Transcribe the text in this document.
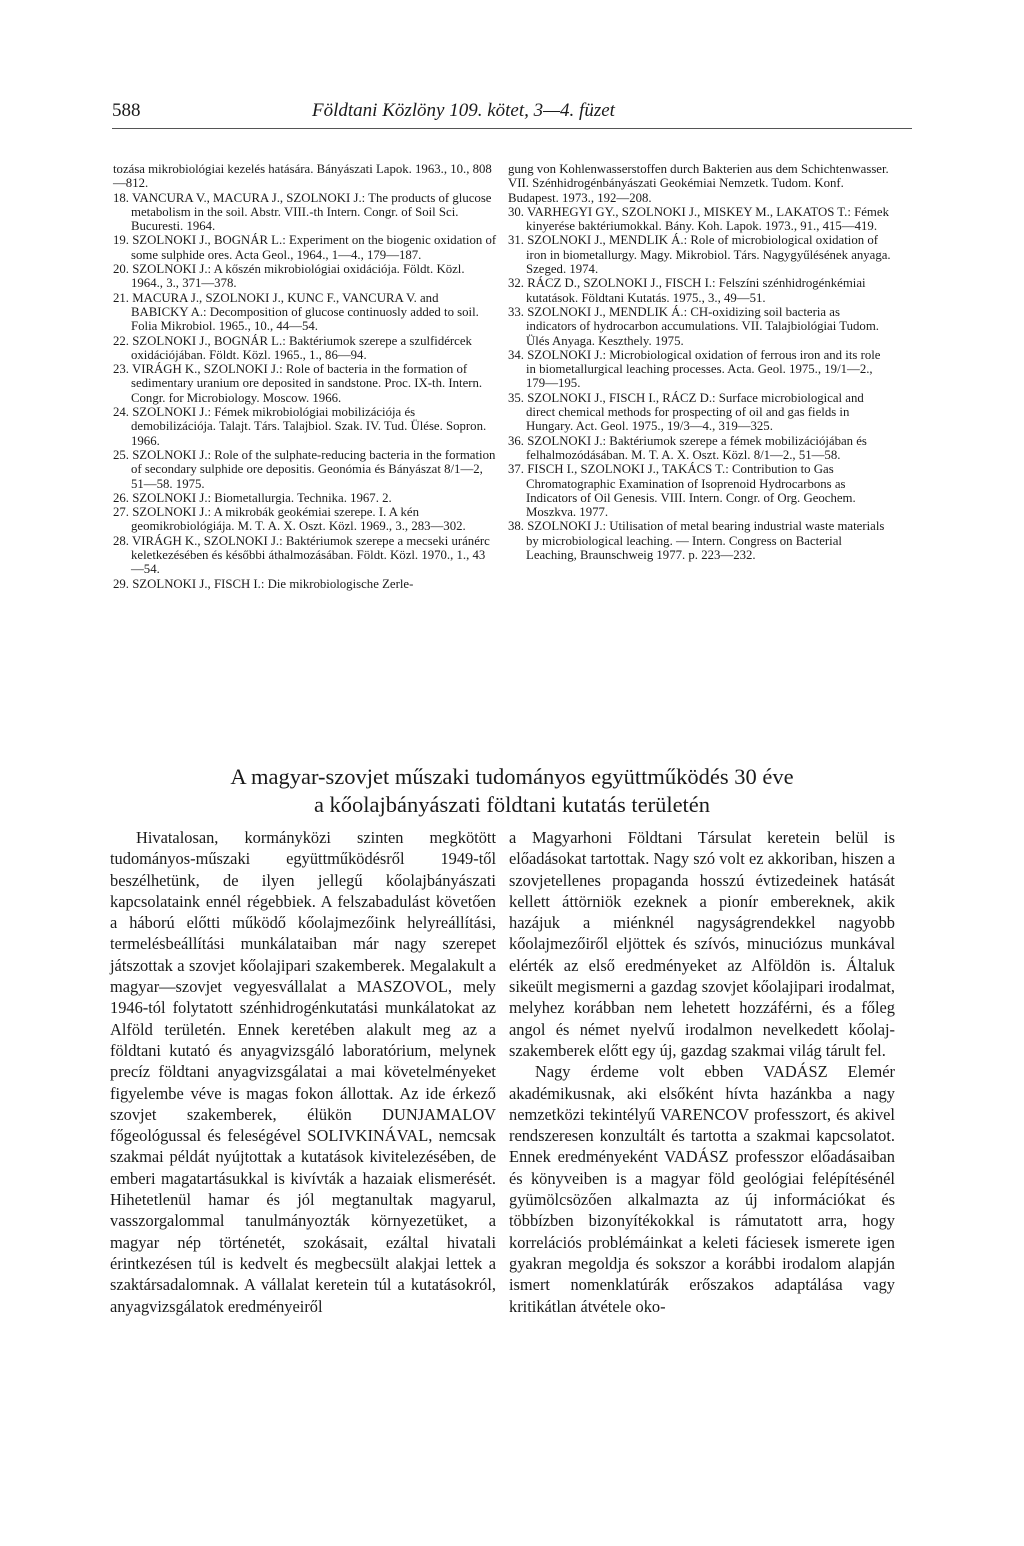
588	Földtani Közlöny 109. kötet, 3—4. füzet

tozása mikrobiológiai kezelés hatására. Bányászati Lapok. 1963., 10., 808—812.

18. VANCURA V., MACURA J., SZOLNOKI J.: The products of glucose metabolism in the soil. Abstr. VIII.-th Intern. Congr. of Soil Sci. Bucuresti. 1964.

19. SZOLNOKI J., BOGNÁR L.: Experiment on the biogenic oxidation of some sulphide ores. Acta Geol., 1964., 1—4., 179—187.

20. SZOLNOKI J.: A kőszén mikrobiológiai oxidációja. Földt. Közl. 1964., 3., 371—378.

21. MACURA J., SZOLNOKI J., KUNC F., VANCURA V. and BABICKY A.: Decomposition of glucose continuosly added to soil. Folia Mikrobiol. 1965., 10., 44—54.

22. SZOLNOKI J., BOGNÁR L.: Baktériumok szerepe a szulfidércek oxidációjában. Földt. Közl. 1965., 1., 86—94.

23. VIRÁGH K., SZOLNOKI J.: Role of bacteria in the formation of sedimentary uranium ore deposited in sandstone. Proc. IX-th. Intern. Congr. for Microbiology. Moscow. 1966.

24. SZOLNOKI J.: Fémek mikrobiológiai mobilizációja és demobilizációja. Talajt. Társ. Talajbiol. Szak. IV. Tud. Ülése. Sopron. 1966.

25. SZOLNOKI J.: Role of the sulphate-reducing bacteria in the formation of secondary sulphide ore depositis. Geonómia és Bányászat 8/1—2, 51—58. 1975.

26. SZOLNOKI J.: Biometallurgia. Technika. 1967. 2.

27. SZOLNOKI J.: A mikrobák geokémiai szerepe. I. A kén geomikrobiológiája. M. T. A. X. Oszt. Közl. 1969., 3., 283—302.

28. VIRÁGH K., SZOLNOKI J.: Baktériumok szerepe a mecseki uránérc keletkezésében és későbbi áthalmozásában. Földt. Közl. 1970., 1., 43—54.

29. SZOLNOKI J., FISCH I.: Die mikrobiologische Zerle-

gung von Kohlenwasserstoffen durch Bakterien aus dem Schichtenwasser. VII. Szénhidrogénbányászati Geokémiai Nemzetk. Tudom. Konf. Budapest. 1973., 192—208.

30. VARHEGYI GY., SZOLNOKI J., MISKEY M., LAKATOS T.: Fémek kinyerése baktériumokkal. Bány. Koh. Lapok. 1973., 91., 415—419.

31. SZOLNOKI J., MENDLIK Á.: Role of microbiological oxidation of iron in biometallurgy. Magy. Mikrobiol. Társ. Nagygyűlésének anyaga. Szeged. 1974.

32. RÁCZ D., SZOLNOKI J., FISCH I.: Felszíni szénhidrogénkémiai kutatások. Földtani Kutatás. 1975., 3., 49—51.

33. SZOLNOKI J., MENDLIK Á.: CH-oxidizing soil bacteria as indicators of hydrocarbon accumulations. VII. Talajbiológiai Tudom. Ülés Anyaga. Keszthely. 1975.

34. SZOLNOKI J.: Microbiological oxidation of ferrous iron and its role in biometallurgical leaching processes. Acta. Geol. 1975., 19/1—2., 179—195.

35. SZOLNOKI J., FISCH I., RÁCZ D.: Surface microbiological and direct chemical methods for prospecting of oil and gas fields in Hungary. Act. Geol. 1975., 19/3—4., 319—325.

36. SZOLNOKI J.: Baktériumok szerepe a fémek mobilizációjában és felhalmozódásában. M. T. A. X. Oszt. Közl. 8/1—2., 51—58.

37. FISCH I., SZOLNOKI J., TAKÁCS T.: Contribution to Gas Chromatographic Examination of Isoprenoid Hydrocarbons as Indicators of Oil Genesis. VIII. Intern. Congr. of Org. Geochem. Moszkva. 1977.

38. SZOLNOKI J.: Utilisation of metal bearing industrial waste materials by microbiological leaching. — Intern. Congress on Bacterial Leaching, Braunschweig 1977. p. 223—232.

A magyar-szovjet műszaki tudományos együttműködés 30 éve
a kőolajbányászati földtani kutatás területén

Hivatalosan, kormányközi szinten megkötött tudományos-műszaki együttműködésről 1949-től beszélhetünk, de ilyen jellegű kőolajbányászati kapcsolataink ennél régebbiek. A felszabadulást követően a háború előtti működő kőolajmezőink helyreállítási, termelésbeállítási munkálataiban már nagy szerepet játszottak a szovjet kőolajipari szakemberek. Megalakult a magyar—szovjet vegyesvállalat a MASZOVOL, mely 1946-tól folytatott szénhidrogénkutatási munkálatokat az Alföld területén. Ennek keretében alakult meg az a földtani kutató és anyagvizsgáló laboratórium, melynek precíz földtani anyagvizsgálatai a mai követelményeket figyelembe véve is magas fokon állottak. Az ide érkező szovjet szakemberek, élükön DUNJAMALOV főgeológussal és feleségével SOLIVKINÁVAL, nemcsak szakmai példát nyújtottak a kutatások kivitelezésében, de emberi magatartásukkal is kivívták a hazaiak elismerését. Hihetetlenül hamar és jól megtanultak magyarul, vasszorgalommal tanulmányozták környezetüket, a magyar nép történetét, szokásait, ezáltal hivatali érintkezésen túl is kedvelt és megbecsült alakjai lettek a szaktársadalomnak. A vállalat keretein túl a kutatásokról, anyagvizsgálatok eredményeiről

a Magyarhoni Földtani Társulat keretein belül is előadásokat tartottak. Nagy szó volt ez akkoriban, hiszen a szovjetellenes propaganda hosszú évtizedeinek hatását kellett áttörniök ezeknek a pionír embereknek, akik hazájuk a miénknél nagyságrendekkel nagyobb kőolajmezőiről eljöttek és szívós, minuciózus munkával elérték az első eredményeket az Alföldön is. Általuk sikeült megismerni a gazdag szovjet kőolajipari irodalmat, melyhez korábban nem lehetett hozzáférni, és a főleg angol és német nyelvű irodalmon nevelkedett kőolaj-szakemberek előtt egy új, gazdag szakmai világ tárult fel.

Nagy érdeme volt ebben VADÁSZ Elemér akadémikusnak, aki elsőként hívta hazánkba a nagy nemzetközi tekintélyű VARENCOV professzort, és akivel rendszeresen konzultált és tartotta a szakmai kapcsolatot. Ennek eredményeként VADÁSZ professzor előadásaiban és könyveiben is a magyar föld geológiai felépítésénél gyümölcsözően alkalmazta az új információkat és többízben bizonyítékokkal is rámutatott arra, hogy korrelációs problémáinkat a keleti fáciesek ismerete igen gyakran megoldja és sokszor a korábbi irodalom alapján ismert nomenklatúrák erőszakos adaptálása vagy kritikátlan átvétele oko-
